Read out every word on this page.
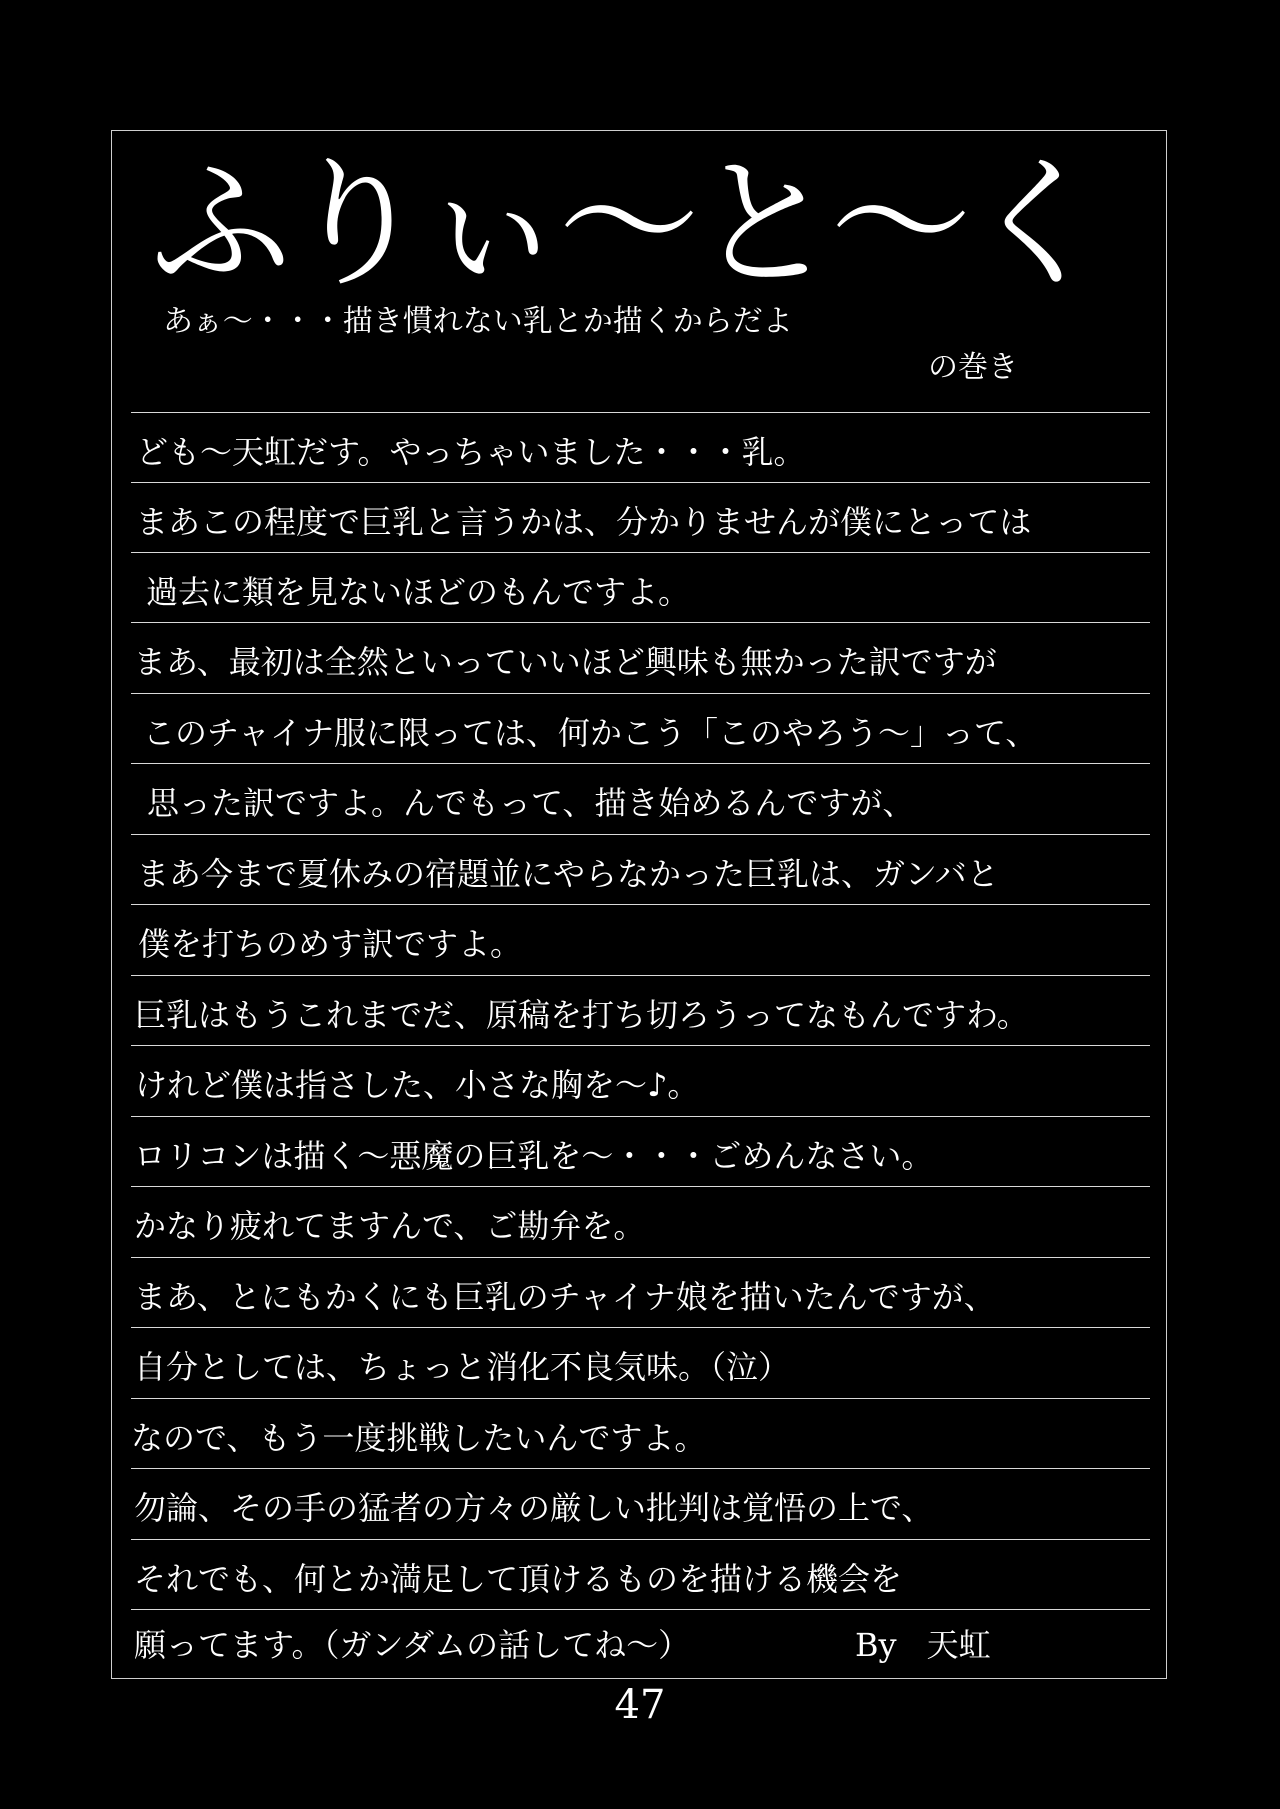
ふりぃ〜と〜く
あぁ〜・・・描き慣れない乳とか描くからだよ
の巻き
ども〜天虹だす。やっちゃいました・・・乳。
まあこの程度で巨乳と言うかは、分かりませんが僕にとっては
過去に類を見ないほどのもんですよ。
まあ、最初は全然といっていいほど興味も無かった訳ですが
このチャイナ服に限っては、何かこう「このやろう〜」って、
思った訳ですよ。んでもって、描き始めるんですが、
まあ今まで夏休みの宿題並にやらなかった巨乳は、ガンバと
僕を打ちのめす訳ですよ。
巨乳はもうこれまでだ、原稿を打ち切ろうってなもんですわ。
けれど僕は指さした、小さな胸を〜♪。
ロリコンは描く〜悪魔の巨乳を〜・・・ごめんなさい。
かなり疲れてますんで、ご勘弁を。
まあ、とにもかくにも巨乳のチャイナ娘を描いたんですが、
自分としては、ちょっと消化不良気味。（泣）
なので、もう一度挑戦したいんですよ。
勿論、その手の猛者の方々の厳しい批判は覚悟の上で、
それでも、何とか満足して頂けるものを描ける機会を
願ってます。（ガンダムの話してね〜）	By 天虹
47
